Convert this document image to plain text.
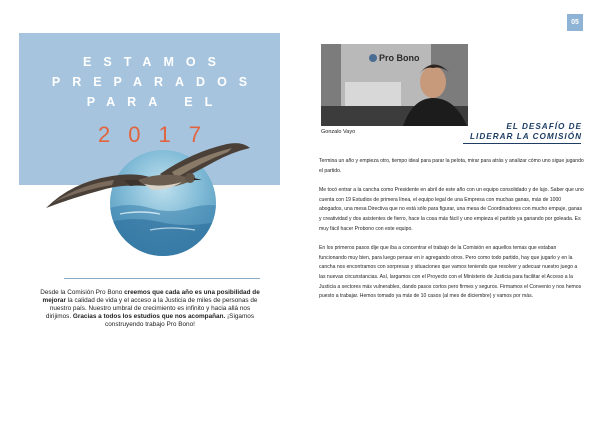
05
ESTAMOS
PREPARADOS
PARA EL
2017
Desde la Comisión Pro Bono creemos que cada año es una posibilidad de mejorar la calidad de vida y el acceso a la Justicia de miles de personas de nuestro país. Nuestro umbral de crecimiento es infinito y hacia allá nos dirijimos. Gracias a todos los estudios que nos acompañan. ¡Sigamos construyendo trabajo Pro Bono!
Pro Bono
Gonzalo Vayo
EL DESAFÍO DE
LIDERAR LA COMISIÓN

Termina un año y empieza otro, tiempo ideal para parar la pelota, mirar para atrás y analizar cómo uno sigue jugando el partido.

Me tocó entrar a la cancha como Presidente en abril de este año con un equipo consolidado y de lujo. Saber que uno cuenta con 19 Estudios de primera línea, el equipo legal de una Empresa con muchas ganas, más de 1000 abogados, una mesa Directiva que no está sólo para figurar, una mesa de Coordinadores con mucho empuje, ganas y creatividad y dos asistentes de fierro, hace la cosa más fácil y uno empieza el partido ya ganando por goleada. Es muy fácil hacer Probono con este equipo.

En los primeros pasos dije que iba a concentrar el trabajo de la Comisión en aquellos temas que estaban funcionando muy bien, para luego pensar en ir agregando otros. Pero como todo partido, hay que jugarlo y en la cancha nos encontramos con sorpresas y situaciones que vamos teniendo que resolver y adecuar nuestro juego a las nuevas circunstancias. Así, largamos con el Proyecto con el Ministerio de Justicia para facilitar el Acceso a la Justicia a sectores más vulnerables, dando pasos cortos pero firmes y seguros. Firmamos el Convenio y nos hemos puesto a trabajar. Hemos tomado ya más de 10 casos (al mes de diciembre) y vamos por más.
